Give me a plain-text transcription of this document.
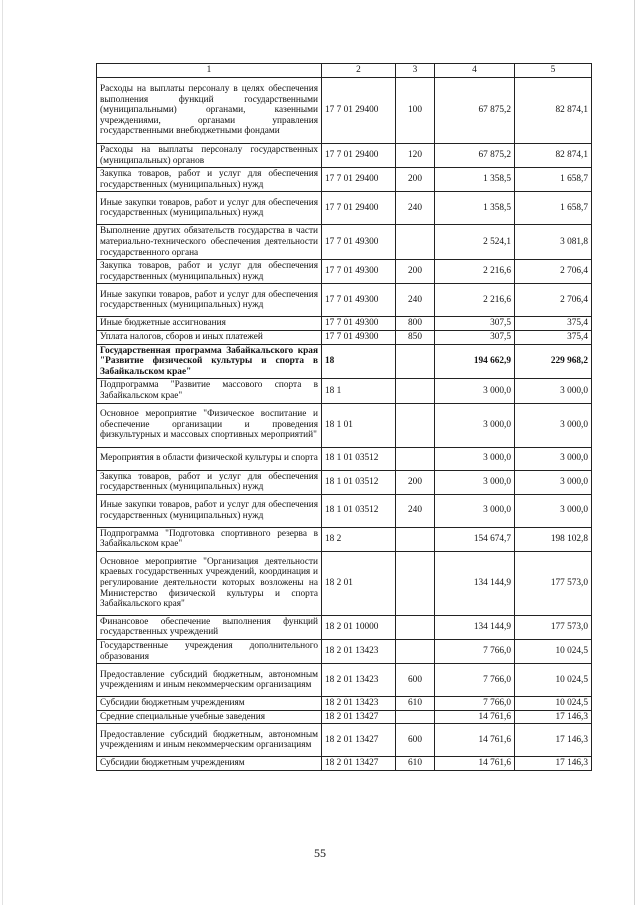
1	2	3	4	5
Расходы на выплаты персоналу в целях обеспечения выполнения функций государственными (муниципальными) органами, казенными учреждениями, органами управления государственными внебюджетными фондами	17 7 01 29400	100	67 875,2	82 874,1
Расходы на выплаты персоналу государственных (муниципальных) органов	17 7 01 29400	120	67 875,2	82 874,1
Закупка товаров, работ и услуг для обеспечения государственных (муниципальных) нужд	17 7 01 29400	200	1 358,5	1 658,7
Иные закупки товаров, работ и услуг для обеспечения государственных (муниципальных) нужд	17 7 01 29400	240	1 358,5	1 658,7
Выполнение других обязательств государства в части материально-технического обеспечения деятельности государственного органа	17 7 01 49300		2 524,1	3 081,8
Закупка товаров, работ и услуг для обеспечения государственных (муниципальных) нужд	17 7 01 49300	200	2 216,6	2 706,4
Иные закупки товаров, работ и услуг для обеспечения государственных (муниципальных) нужд	17 7 01 49300	240	2 216,6	2 706,4
Иные бюджетные ассигнования	17 7 01 49300	800	307,5	375,4
Уплата налогов, сборов и иных платежей	17 7 01 49300	850	307,5	375,4
Государственная программа Забайкальского края "Развитие физической культуры и спорта в Забайкальском крае"	18		194 662,9	229 968,2
Подпрограмма "Развитие массового спорта в Забайкальском крае"	18 1		3 000,0	3 000,0
Основное мероприятие "Физическое воспитание и обеспечение организации и проведения физкультурных и массовых спортивных мероприятий"	18 1 01		3 000,0	3 000,0
Мероприятия в области физической культуры и спорта	18 1 01 03512		3 000,0	3 000,0
Закупка товаров, работ и услуг для обеспечения государственных (муниципальных) нужд	18 1 01 03512	200	3 000,0	3 000,0
Иные закупки товаров, работ и услуг для обеспечения государственных (муниципальных) нужд	18 1 01 03512	240	3 000,0	3 000,0
Подпрограмма "Подготовка спортивного резерва в Забайкальском крае"	18 2		154 674,7	198 102,8
Основное мероприятие "Организация деятельности краевых государственных учреждений, координация и регулирование деятельности которых возложены на Министерство физической культуры и спорта Забайкальского края"	18 2 01		134 144,9	177 573,0
Финансовое обеспечение выполнения функций государственных учреждений	18 2 01 10000		134 144,9	177 573,0
Государственные учреждения дополнительного образования	18 2 01 13423		7 766,0	10 024,5
Предоставление субсидий бюджетным, автономным учреждениям и иным некоммерческим организациям	18 2 01 13423	600	7 766,0	10 024,5
Субсидии бюджетным учреждениям	18 2 01 13423	610	7 766,0	10 024,5
Средние специальные учебные заведения	18 2 01 13427		14 761,6	17 146,3
Предоставление субсидий бюджетным, автономным учреждениям и иным некоммерческим организациям	18 2 01 13427	600	14 761,6	17 146,3
Субсидии бюджетным учреждениям	18 2 01 13427	610	14 761,6	17 146,3
55
